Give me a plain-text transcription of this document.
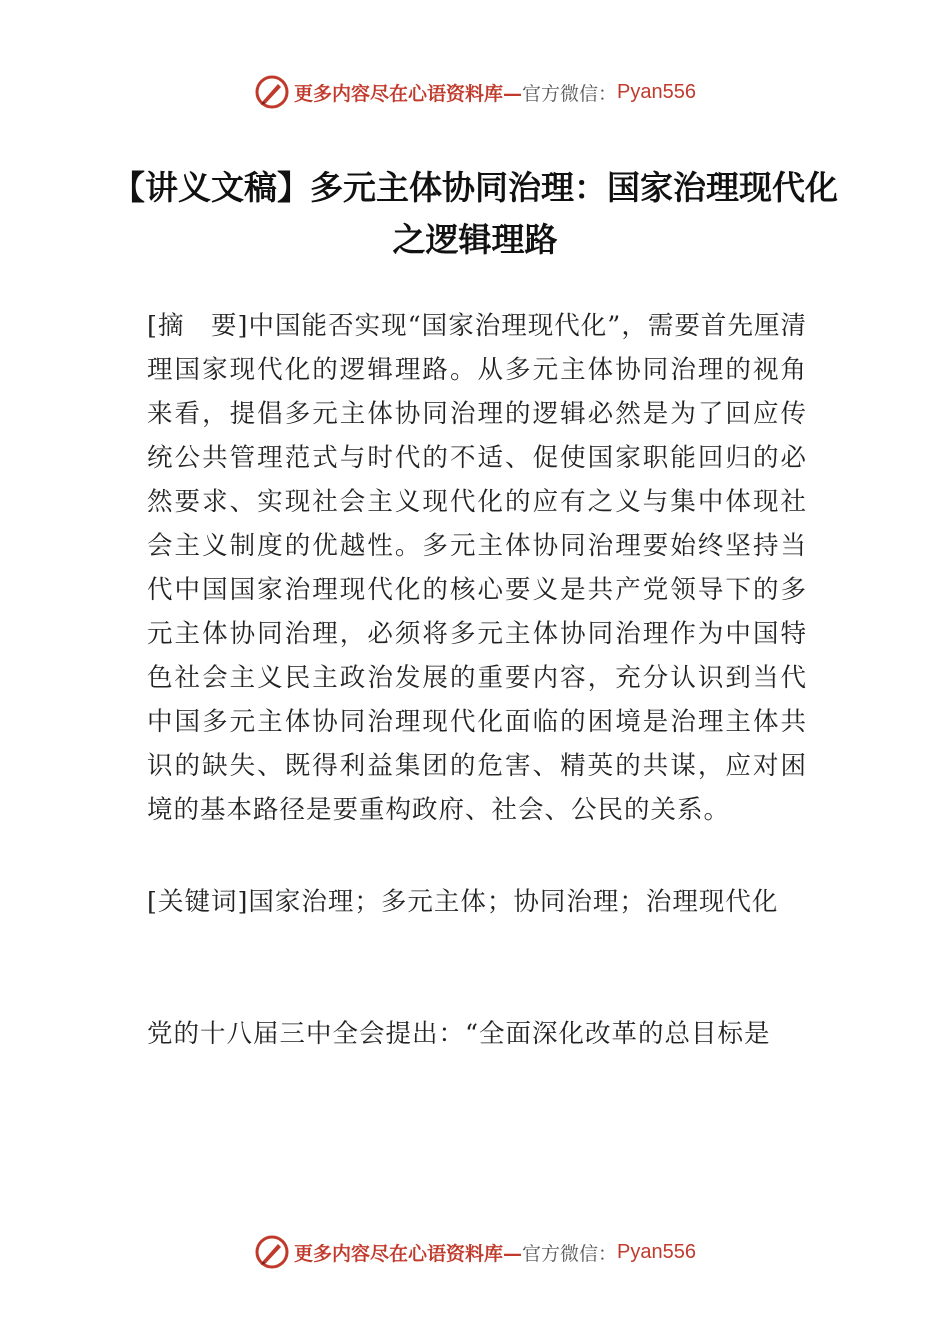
更多内容尽在心语资料库— 官方微信： Pyan556
【讲义文稿】多元主体协同治理：国家治理现代化之逻辑理路

[摘　要]中国能否实现“国家治理现代化”，需要首先厘清理国家现代化的逻辑理路。从多元主体协同治理的视角来看，提倡多元主体协同治理的逻辑必然是为了回应传统公共管理范式与时代的不适、促使国家职能回归的必然要求、实现社会主义现代化的应有之义与集中体现社会主义制度的优越性。多元主体协同治理要始终坚持当代中国国家治理现代化的核心要义是共产党领导下的多元主体协同治理，必须将多元主体协同治理作为中国特色社会主义民主政治发展的重要内容，充分认识到当代中国多元主体协同治理现代化面临的困境是治理主体共识的缺失、既得利益集团的危害、精英的共谋，应对困境的基本路径是要重构政府、社会、公民的关系。

[关键词]国家治理；多元主体；协同治理；治理现代化

党的十八届三中全会提出：“全面深化改革的总目标是

更多内容尽在心语资料库— 官方微信： Pyan556
